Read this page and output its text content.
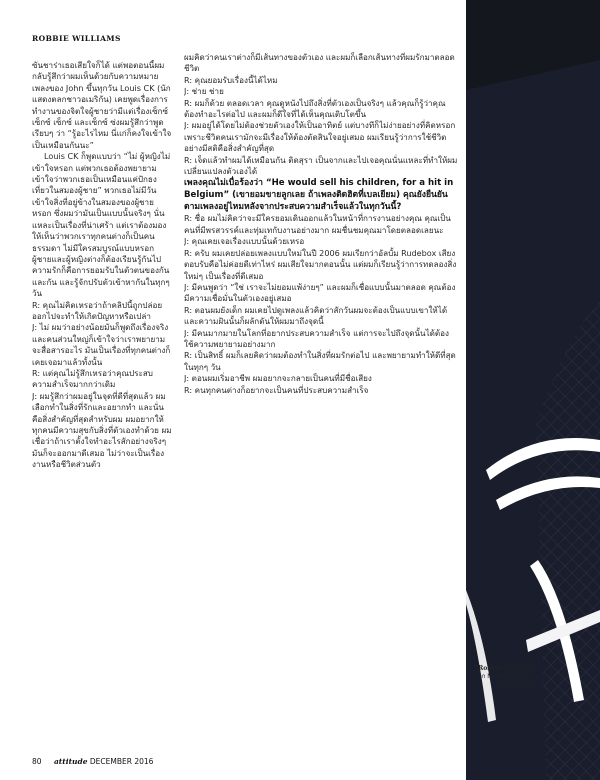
ROBBIE WILLIAMS

ซันชาร่าเธอเสียใจก็ได้ แต่พอตอนนี้ผมกลับรู้สึกว่าผมเห็นด้วยกับความหมายเพลงของ John ขึ้นทุกวัน Louis CK (นักแสดงตลกชาวอเมริกัน) เคยพูดเรื่องการทำงานของจิตใจผู้ชายว่ามีแต่เรื่องเซ็กซ์ เซ็กซ์ เซ็กซ์ และเซ็กซ์ ซ่งผมรู้สึกว่าพูดเรียบๆ ว่า “รู้อะไรไหม นี่แก่ก็คงใจเข้าใจเป็นเหมือนกันนะ”

Louis CK ก็พูดแบบว่า “ไม่ ผู้หญิงไม่เข้าใจหรอก แต่พวกเธอต้องพยายามเข้าใจว่าพวกเธอเป็นเหมือนแค่ปักธงเที่ยวในสมองผู้ชาย” พวกเธอไม่มีวันเข้าใจสิ่งที่อยู่ข้างในสมองของผู้ชายหรอก ซึ่งผมว่ามันเป็นแบบนั้นจริงๆ นั่นแหละเป็นเรื่องที่น่าเศร้า แต่เราต้องมองให้เห็นว่าพวกเราทุกคนต่างก็เป็นคนธรรมดา ไม่มีใครสมบูรณ์แบบหรอก ผู้ชายและผู้หญิงต่างก็ต้องเรียนรู้กันไป ความรักก็คือการยอมรับในตัวตนของกันและกัน และรู้จักปรับตัวเข้าหากันในทุกๆ วัน

R: คุณไม่คิดเหรอว่าถ้าคลิปนี้ถูกปล่อยออกไปจะทำให้เกิดปัญหาหรือเปล่า

J: ไม่ ผมว่าอย่างน้อยมันก็พูดถึงเรื่องจริง และคนส่วนใหญ่ก็เข้าใจว่าเราพยายามจะสื่อสารอะไร มันเป็นเรื่องที่ทุกคนต่างก็เคยเจอมาแล้วทั้งนั้น

R: แต่คุณไม่รู้สึกเหรอว่าคุณประสบความสำเร็จมากกว่าเดิม

J: ผมรู้สึกว่าผมอยู่ในจุดที่ดีที่สุดแล้ว ผมเลือกทำในสิ่งที่รักและอยากทำ และนั่นคือสิ่งสำคัญที่สุดสำหรับผม ผมอยากให้ทุกคนมีความสุขกับสิ่งที่ตัวเองทำด้วย ผมเชื่อว่าถ้าเราตั้งใจทำอะไรสักอย่างจริงๆ มันก็จะออกมาดีเสมอ ไม่ว่าจะเป็นเรื่องงานหรือชีวิตส่วนตัว

ผมคิดว่าคนเราต่างก็มีเส้นทางของตัวเอง และผมก็เลือกเส้นทางที่ผมรักมาตลอดชีวิต

R: คุณยอมรับเรื่องนี้ได้ไหม

J: ช่าย ช่าย

R: ผมก็ด้วย ตลอดเวลา คุณดูหนังไปถึงสิ่งที่ตัวเองเป็นจริงๆ แล้วคุณก็รู้ว่าคุณต้องทำอะไรต่อไป และผมก็ดีใจที่ได้เห็นคุณเติบโตขึ้น

J: ผมอยู่ได้โดยไม่ต้องช่วยตัวเองให้เป็นอาทิตย์ แต่บางทีก็ไม่ง่ายอย่างที่คิดหรอก เพราะชีวิตคนเรามักจะมีเรื่องให้ต้องตัดสินใจอยู่เสมอ ผมเรียนรู้ว่าการใช้ชีวิตอย่างมีสติคือสิ่งสำคัญที่สุด

R: เจ็ดแล้วทำผมได้เหมือนกัน ติดสุรา เป็นจากและไปเจอคุณนั่นแหละที่ทำให้ผมเปลี่ยนแปลงตัวเองได้

เพลงคุณไม่เบื่อร้องว่า “He would sell his children, for a hit in Belgium” (เขายอมขายลูกเลย ถ้าเพลงติดฮิตที่เบลเยียม) คุณยังยืนยันตามเพลงอยู่ไหมหลังจากประสบความสำเร็จแล้วในทุกวันนี้?

R: ชื่อ ผมไม่คิดว่าจะมีใครยอมเดินออกแล้วในหน้าที่การงานอย่างคุณ คุณเป็นคนที่มีพรสวรรค์และทุ่มเทกับงานอย่างมาก ผมชื่นชมคุณมาโดยตลอดเลยนะ

J: คุณเคยเจอเรื่องแบบนั้นด้วยเหรอ

R: ครับ ผมเคยปล่อยเพลงแบบใหม่ในปี 2006 ผมเรียกว่าอัลบั้ม Rudebox เสียงตอบรับคือไม่ค่อยดีเท่าไหร่ ผมเสียใจมากตอนนั้น แต่ผมก็เรียนรู้ว่าการทดลองสิ่งใหม่ๆ เป็นเรื่องที่ดีเสมอ

J: มีคนพูดว่า “ใช่ เราจะไม่ยอมแพ้ง่ายๆ” และผมก็เชื่อแบบนั้นมาตลอด คุณต้องมีความเชื่อมั่นในตัวเองอยู่เสมอ

R: ตอนผมยังเด็ก ผมเคยไปดูเพลงแล้วคิดว่าสักวันผมจะต้องเป็นแบบเขาให้ได้ และความฝันนั้นก็ผลักดันให้ผมมาถึงจุดนี้

J: มีคนมากมายในโลกที่อยากประสบความสำเร็จ แต่การจะไปถึงจุดนั้นได้ต้องใช้ความพยายามอย่างมาก

R: เป็นสิทธิ์ ผมก็เลยคิดว่าผมต้องทำในสิ่งที่ผมรักต่อไป และพยายามทำให้ดีที่สุดในทุกๆ วัน

J: ตอนผมเริ่มอาชีพ ผมอยากจะกลายเป็นคนที่มีชื่อเสียง

R: คนทุกคนต่างก็อยากจะเป็นคนที่ประสบความสำเร็จ

Robbie สวมเสื้อเชิ้ตจาก Neil Barrett จาก MR PORTER
80 attitude DECEMBER 2016
